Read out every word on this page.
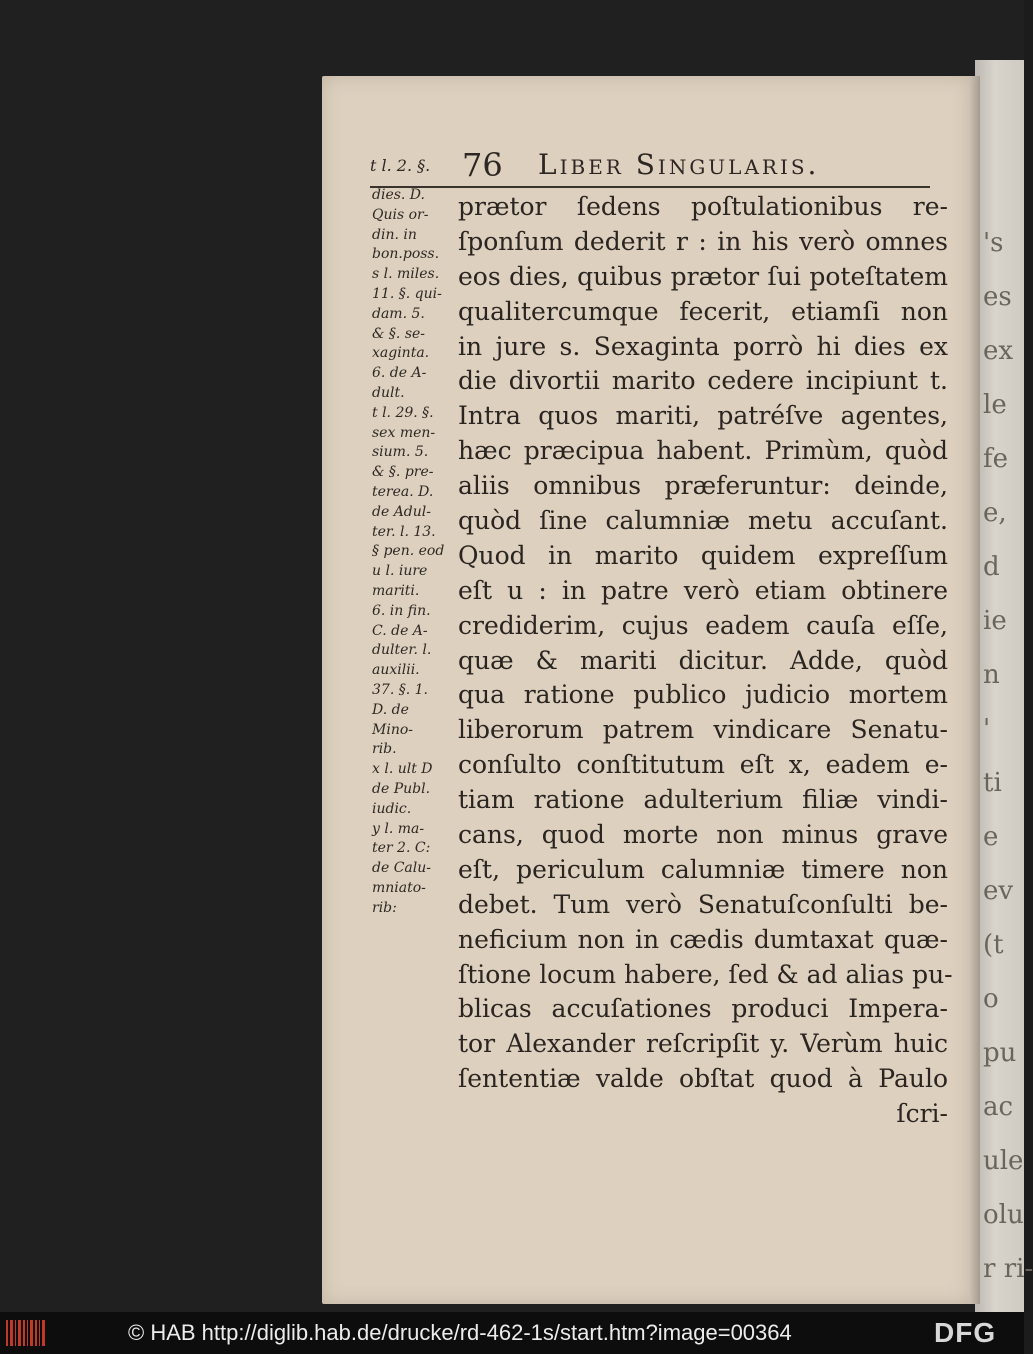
's
es
ex
le
fe
e,
d
ie
n
'
ti
e
ev
(t
o
pu
ac
ule
olu
r ri-
t l. 2. §. 76 Liber Singularis.
dies. D.
Quis or-
din. in
bon.poss.
s l. miles.
11. §. qui-
dam. 5.
& §. se-
xaginta.
6. de A-
dult.
t l. 29. §.
sex men-
sium. 5.
& §. pre-
terea. D.
de Adul-
ter. l. 13.
§ pen. eod
u l. iure
mariti.
6. in fin.
C. de A-
dulter. l.
auxilii.
37. §. 1.
D. de
Mino-
rib.
x l. ult D
de Publ.
iudic.
y l. ma-
ter 2. C:
de Calu-
mniato-
rib:
prætor ſedens poſtulationibus re-
ſponſum dederit r : in his verò omnes
eos dies, quibus prætor ſui poteſtatem
qualitercumque fecerit, etiamſi non
in jure s. Sexaginta porrò hi dies ex
die divortii marito cedere incipiunt t.
Intra quos mariti, patréſve agentes,
hæc præcipua habent. Primùm, quòd
aliis omnibus præferuntur: deinde,
quòd ſine calumniæ metu accuſant.
Quod in marito quidem expreſſum
eſt u : in patre verò etiam obtinere
crediderim, cujus eadem cauſa eſſe,
quæ & mariti dicitur. Adde, quòd
qua ratione publico judicio mortem
liberorum patrem vindicare Senatu-
conſulto conſtitutum eſt x, eadem e-
tiam ratione adulterium filiæ vindi-
cans, quod morte non minus grave
eſt, periculum calumniæ timere non
debet. Tum verò Senatuſconſulti be-
neficium non in cædis dumtaxat quæ-
ſtione locum habere, ſed & ad alias pu-
blicas accuſationes produci Impera-
tor Alexander reſcripſit y. Verùm huic
ſententiæ valde obſtat quod à Paulo
ſcri-
© HAB http://diglib.hab.de/drucke/rd-462-1s/start.htm?image=00364	DFG
